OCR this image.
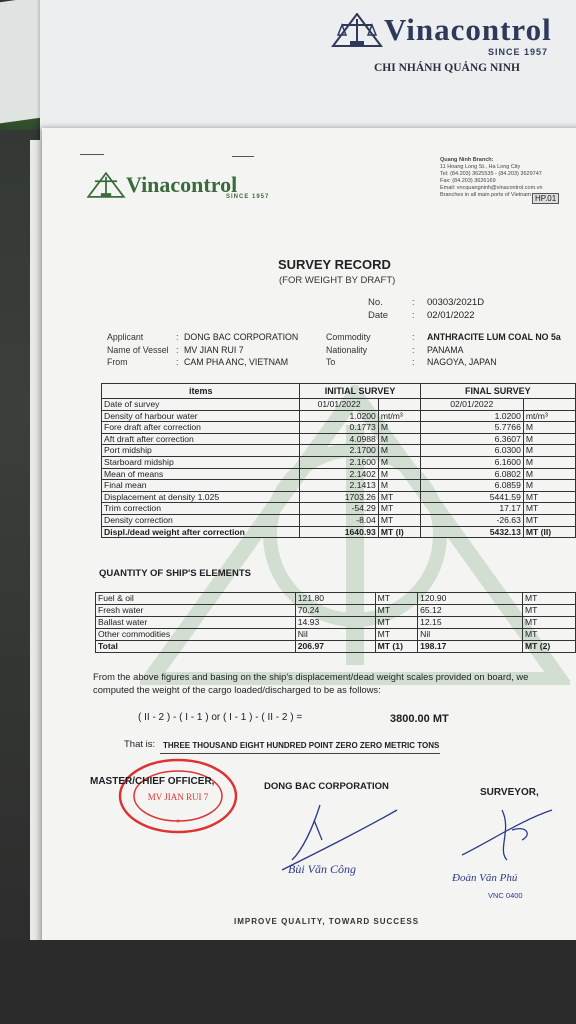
Vinacontrol
SINCE 1957
CHI NHÁNH QUẢNG NINH
Vinacontrol
SINCE 1957
Quang Ninh Branch:
11 Hoang Long St., Ha Long City
Tel: (84.203) 3625535 - (84.203) 3629747
Fax: (84.203) 3626169
Email: vncquangninh@vinacontrol.com.vn
Branches in all main ports of Vietnam HP.01
SURVEY RECORD
(FOR WEIGHT BY DRAFT)
No.	: 00303/2021D
Date	: 02/01/2022
Applicant	: DONG BAC CORPORATION
Name of Vessel : MV JIAN RUI 7
From	: CAM PHA ANC, VIETNAM
Commodity	: ANTHRACITE LUM COAL NO 5a
Nationality	: PANAMA
To	: NAGOYA, JAPAN
items	INITIAL SURVEY		FINAL SURVEY	
Date of survey	01/01/2022		02/01/2022	
Density of harbour water	1.0200	mt/m³	1.0200	mt/m³
Fore draft after correction	0.1773	M	5.7766	M
Aft draft after correction	4.0988	M	6.3607	M
Port midship	2.1700	M	6.0300	M
Starboard midship	2.1600	M	6.1600	M
Mean of means	2.1402	M	6.0802	M
Final mean	2.1413	M	6.0859	M
Displacement at density 1.025	1703.26	MT	5441.59	MT
Trim correction	-54.29	MT	17.17	MT
Density correction	-8.04	MT	-26.63	MT
Displ./dead weight after correction	1640.93	MT (I)	5432.13	MT (II)
QUANTITY OF SHIP'S ELEMENTS
Fuel & oil	121.80	MT	120.90	MT
Fresh water	70.24	MT	65.12	MT
Ballast water	14.93	MT	12.15	MT
Other commodities	Nil	MT	Nil	MT
Total	206.97	MT (1)	198.17	MT (2)
From the above figures and basing on the ship's displacement/dead weight scales provided on board, we computed the weight of the cargo loaded/discharged to be as follows:
( II - 2 ) - ( I - 1 ) or ( I - 1 ) - ( II - 2 ) =	3800.00 MT
That is: THREE THOUSAND EIGHT HUNDRED POINT ZERO ZERO METRIC TONS
MV JIAN RUI 7
*
MASTER/CHIEF OFFICER,	DONG BAC CORPORATION
SURVEYOR,
Bùi Văn Công
Đoàn Văn Phú
VNC 0400
IMPROVE QUALITY, TOWARD SUCCESS
